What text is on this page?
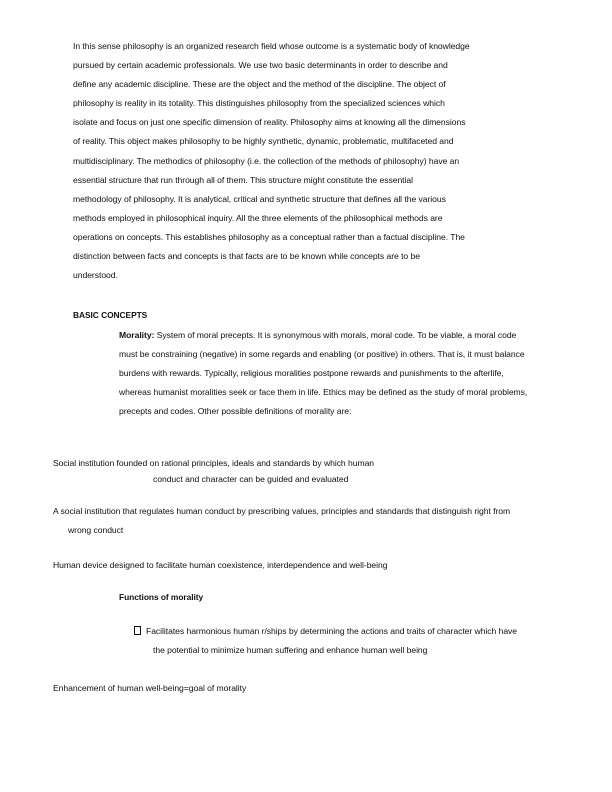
In this sense philosophy is an organized research field whose outcome is a systematic body of knowledge
pursued by certain academic professionals. We use two basic determinants in order to describe and
define any academic discipline. These are the object and the method of the discipline. The object of
philosophy is reality in its totality. This distinguishes philosophy from the specialized sciences which
isolate and focus on just one specific dimension of reality. Philosophy aims at knowing all the dimensions
of reality. This object makes philosophy to be highly synthetic, dynamic, problematic, multifaceted and
multidisciplinary. The methodics of philosophy (i.e. the collection of the methods of philosophy) have an
essential structure that run through all of them. This structure might constitute the essential
methodology of philosophy. It is analytical, critical and synthetic structure that defines all the various
methods employed in philosophical inquiry. All the three elements of the philosophical methods are
operations on concepts. This establishes philosophy as a conceptual rather than a factual discipline. The
distinction between facts and concepts is that facts are to be known while concepts are to be
understood.
BASIC CONCEPTS
Morality: System of moral precepts. It is synonymous with morals, moral code. To be viable, a moral code
must be constraining (negative) in some regards and enabling (or positive) in others. That is, it must balance
burdens with rewards. Typically, religious moralities postpone rewards and punishments to the afterlife,
whereas humanist moralities seek or face them in life. Ethics may be defined as the study of moral problems,
precepts and codes. Other possible definitions of morality are:
Social institution founded on rational principles, ideals and standards by which human
conduct and character can be guided and evaluated
A social institution that regulates human conduct by prescribing values, principles and standards that distinguish right from
wrong conduct
Human device designed to facilitate human coexistence, interdependence and well-being
Functions of morality
Facilitates harmonious human r/ships by determining the actions and traits of character which have
the potential to minimize human suffering and enhance human well being
Enhancement of human well-being=goal of morality
